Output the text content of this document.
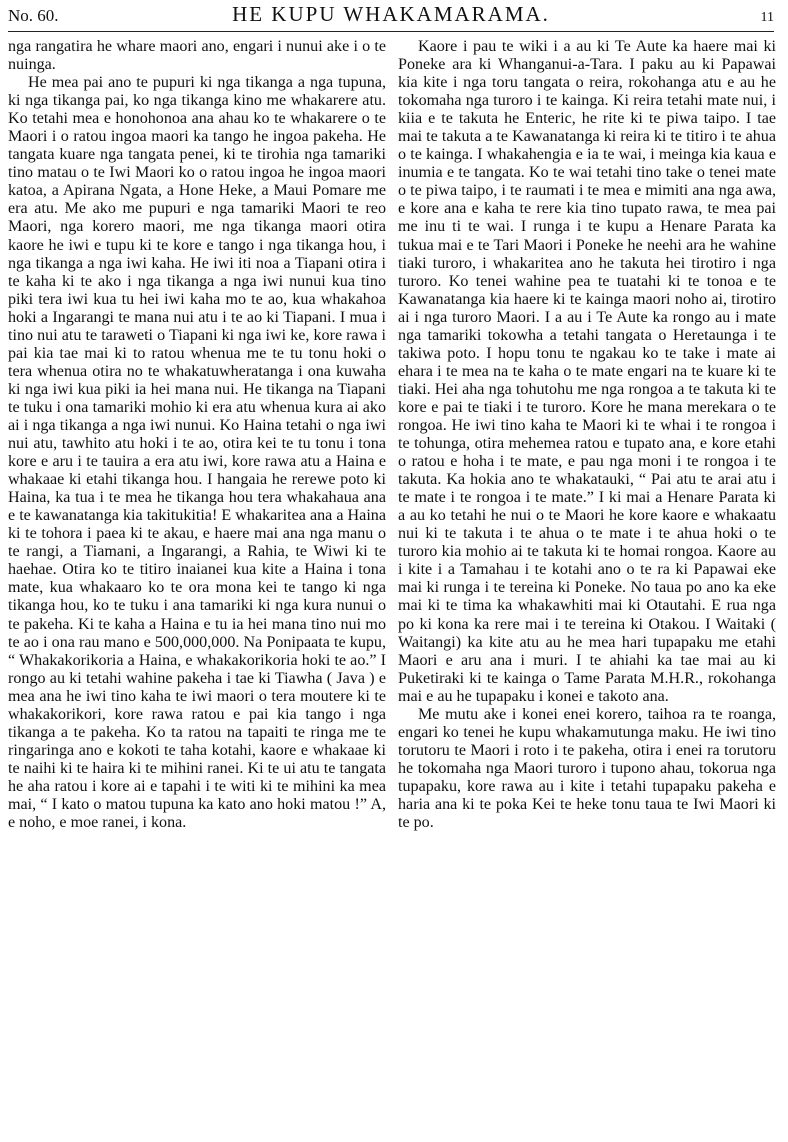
No. 60.	HE KUPU WHAKAMARAMA.	11

nga rangatira he whare maori ano, engari i nunui ake i o te nuinga.

He mea pai ano te pupuri ki nga tikanga a nga tupuna, ki nga tikanga pai, ko nga tikanga kino me whakarere atu. Ko tetahi mea e honohonoa ana ahau ko te whakarere o te Maori i o ratou ingoa maori ka tango he ingoa pakeha. He tangata kuare nga tangata penei, ki te tirohia nga tamariki tino matau o te Iwi Maori ko o ratou ingoa he ingoa maori katoa, a Apirana Ngata, a Hone Heke, a Maui Pomare me era atu. Me ako me pupuri e nga tamariki Maori te reo Maori, nga korero maori, me nga tikanga maori otira kaore he iwi e tupu ki te kore e tango i nga tikanga hou, i nga tikanga a nga iwi kaha. He iwi iti noa a Tiapani otira i te kaha ki te ako i nga tikanga a nga iwi nunui kua tino piki tera iwi kua tu hei iwi kaha mo te ao, kua whakahoa hoki a Ingarangi te mana nui atu i te ao ki Tiapani. I mua i tino nui atu te taraweti o Tiapani ki nga iwi ke, kore rawa i pai kia tae mai ki to ratou whenua me te tu tonu hoki o tera whenua otira no te whakatuwheratanga i ona kuwaha ki nga iwi kua piki ia hei mana nui. He tikanga na Tiapani te tuku i ona tamariki mohio ki era atu whenua kura ai ako ai i nga tikanga a nga iwi nunui. Ko Haina tetahi o nga iwi nui atu, tawhito atu hoki i te ao, otira kei te tu tonu i tona kore e aru i te tauira a era atu iwi, kore rawa atu a Haina e whakaae ki etahi tikanga hou. I hangaia he rerewe poto ki Haina, ka tua i te mea he tikanga hou tera whakahaua ana e te kawanatanga kia takitukitia! E whakaritea ana a Haina ki te tohora i paea ki te akau, e haere mai ana nga manu o te rangi, a Tiamani, a Ingarangi, a Rahia, te Wiwi ki te haehae. Otira ko te titiro inaianei kua kite a Haina i tona mate, kua whakaaro ko te ora mona kei te tango ki nga tikanga hou, ko te tuku i ana tamariki ki nga kura nunui o te pakeha. Ki te kaha a Haina e tu ia hei mana tino nui mo te ao i ona rau mano e 500,000,000. Na Ponipaata te kupu, “ Whakakorikoria a Haina, e whakakorikoria hoki te ao.” I rongo au ki tetahi wahine pakeha i tae ki Tiawha ( Java ) e mea ana he iwi tino kaha te iwi maori o tera moutere ki te whakakorikori, kore rawa ratou e pai kia tango i nga tikanga a te pakeha. Ko ta ratou na tapaiti te ringa me te ringaringa ano e kokoti te taha kotahi, kaore e whakaae ki te naihi ki te haira ki te mihini ranei. Ki te ui atu te tangata he aha ratou i kore ai e tapahi i te witi ki te mihini ka mea mai, “ I kato o matou tupuna ka kato ano hoki matou !” A, e noho, e moe ranei, i kona.

Kaore i pau te wiki i a au ki Te Aute ka haere mai ki Poneke ara ki Whanganui-a-Tara. I paku au ki Papawai kia kite i nga toru tangata o reira, rokohanga atu e au he tokomaha nga turoro i te kainga. Ki reira tetahi mate nui, i kiia e te takuta he Enteric, he rite ki te piwa taipo. I tae mai te takuta a te Kawanatanga ki reira ki te titiro i te ahua o te kainga. I whakahengia e ia te wai, i meinga kia kaua e inumia e te tangata. Ko te wai tetahi tino take o tenei mate o te piwa taipo, i te raumati i te mea e mimiti ana nga awa, e kore ana e kaha te rere kia tino tupato rawa, te mea pai me inu ti te wai. I runga i te kupu a Henare Parata ka tukua mai e te Tari Maori i Poneke he neehi ara he wahine tiaki turoro, i whakaritea ano he takuta hei tirotiro i nga turoro. Ko tenei wahine pea te tuatahi ki te tonoa e te Kawanatanga kia haere ki te kainga maori noho ai, tirotiro ai i nga turoro Maori. I a au i Te Aute ka rongo au i mate nga tamariki tokowha a tetahi tangata o Heretaunga i te takiwa poto. I hopu tonu te ngakau ko te take i mate ai ehara i te mea na te kaha o te mate engari na te kuare ki te tiaki. Hei aha nga tohutohu me nga rongoa a te takuta ki te kore e pai te tiaki i te turoro. Kore he mana merekara o te rongoa. He iwi tino kaha te Maori ki te whai i te rongoa i te tohunga, otira mehemea ratou e tupato ana, e kore etahi o ratou e hoha i te mate, e pau nga moni i te rongoa i te takuta. Ka hokia ano te whakatauki, “ Pai atu te arai atu i te mate i te rongoa i te mate.” I ki mai a Henare Parata ki a au ko tetahi he nui o te Maori he kore kaore e whakaatu nui ki te takuta i te ahua o te mate i te ahua hoki o te turoro kia mohio ai te takuta ki te homai rongoa. Kaore au i kite i a Tamahau i te kotahi ano o te ra ki Papawai eke mai ki runga i te tereina ki Poneke. No taua po ano ka eke mai ki te tima ka whakawhiti mai ki Otautahi. E rua nga po ki kona ka rere mai i te tereina ki Otakou. I Waitaki ( Waitangi) ka kite atu au he mea hari tupapaku me etahi Maori e aru ana i muri. I te ahiahi ka tae mai au ki Puketiraki ki te kainga o Tame Parata M.H.R., rokohanga mai e au he tupapaku i konei e takoto ana.

Me mutu ake i konei enei korero, taihoa ra te roanga, engari ko tenei he kupu whakamutunga maku. He iwi tino torutoru te Maori i roto i te pakeha, otira i enei ra torutoru he tokomaha nga Maori turoro i tupono ahau, tokorua nga tupapaku, kore rawa au i kite i tetahi tupapaku pakeha e haria ana ki te poka Kei te heke tonu taua te Iwi Maori ki te po.
